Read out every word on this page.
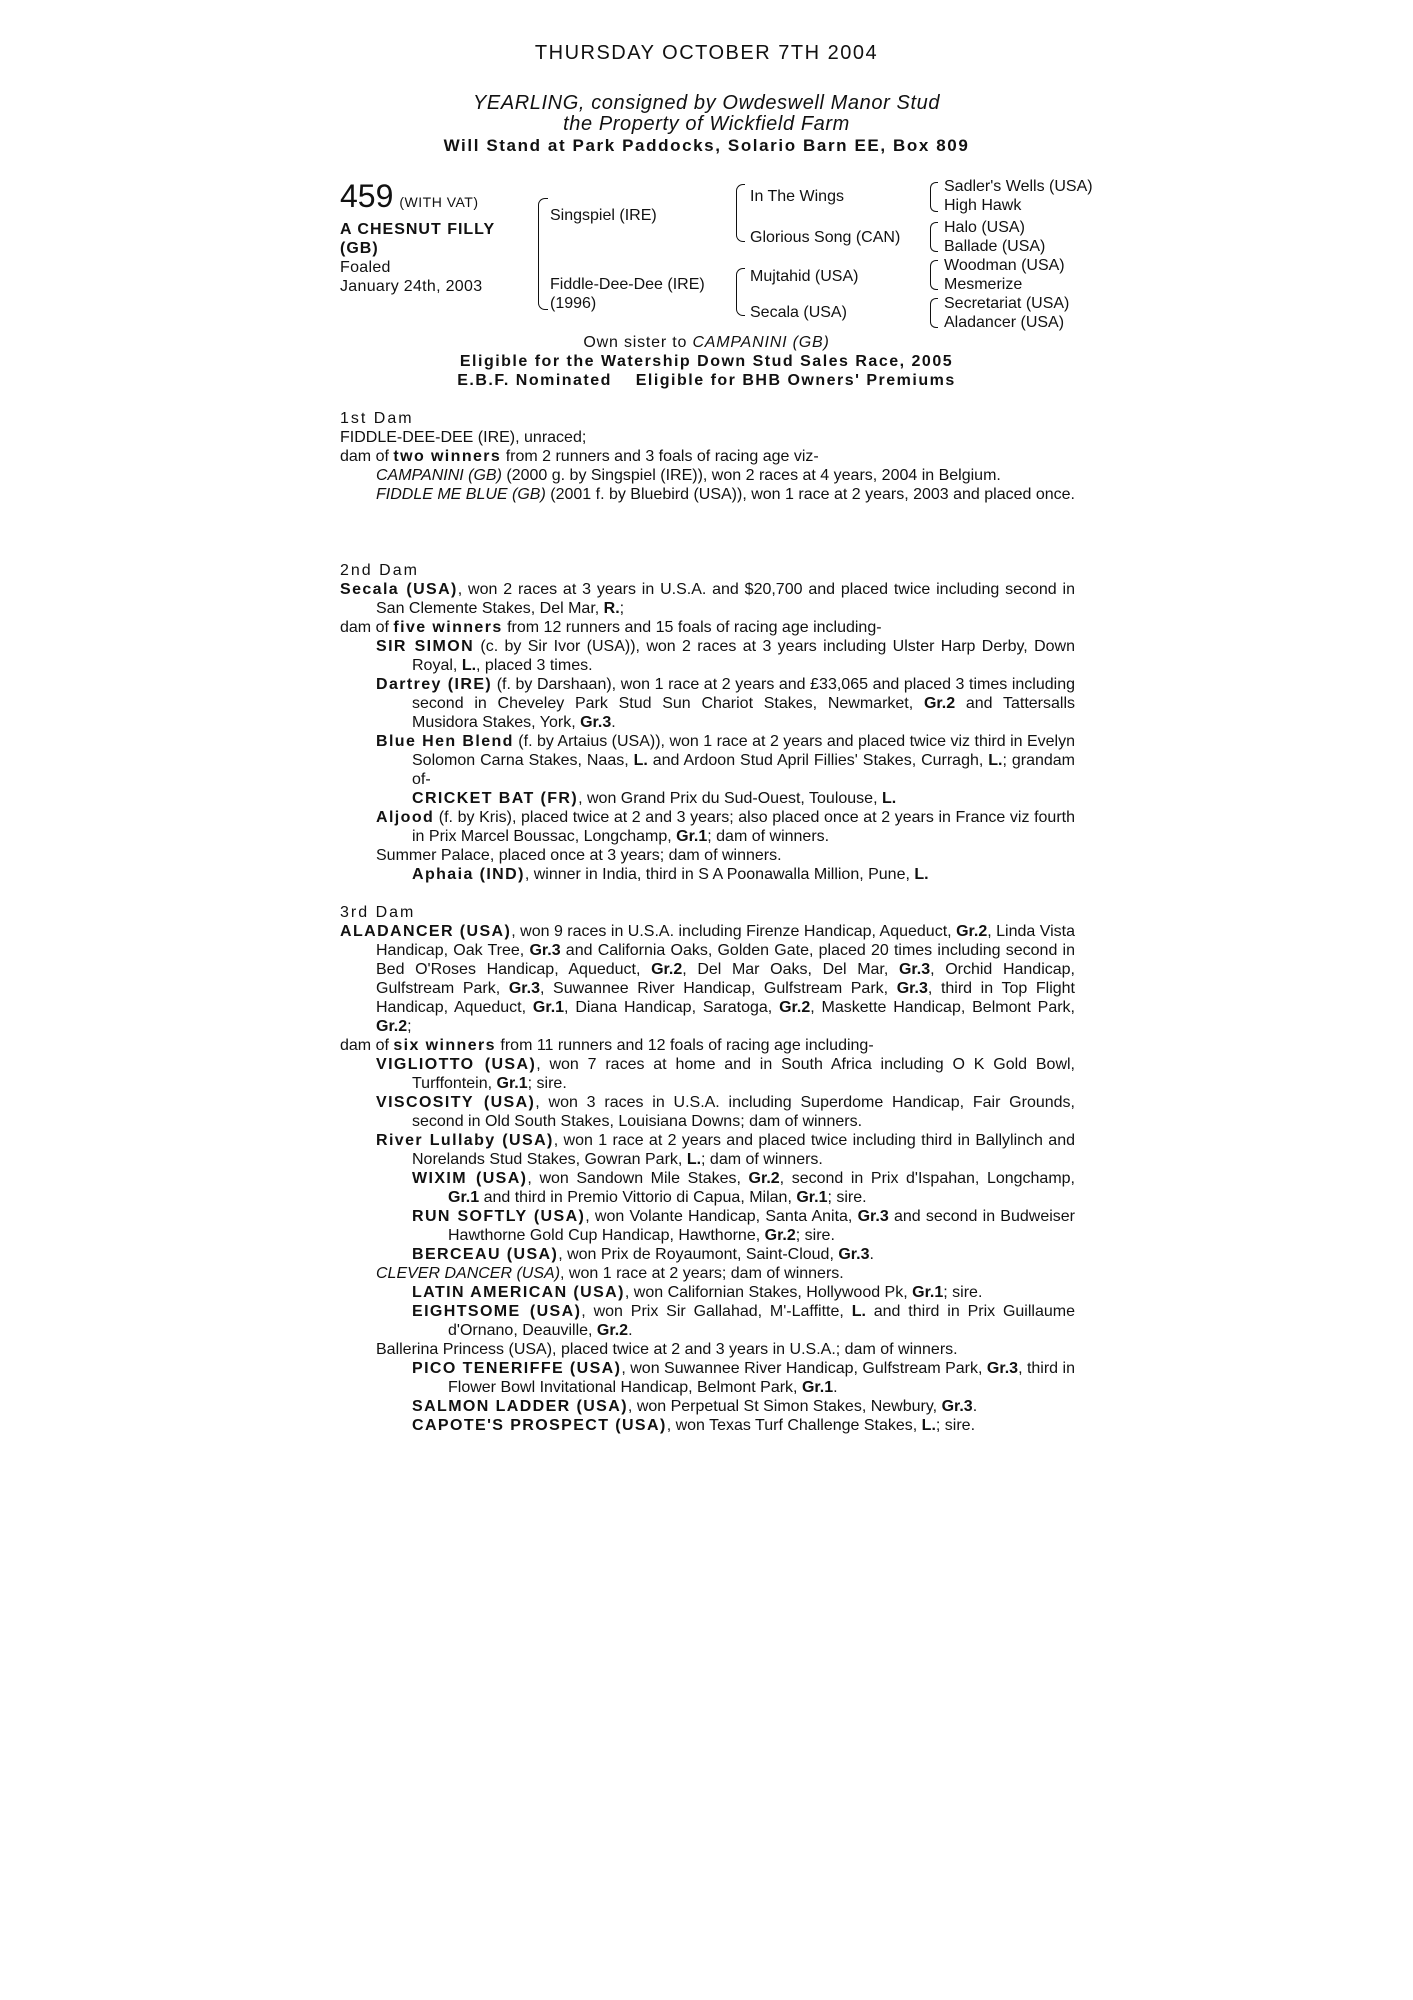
THURSDAY OCTOBER 7TH 2004
YEARLING, consigned by Owdeswell Manor Stud
the Property of Wickfield Farm
Will Stand at Park Paddocks, Solario Barn EE, Box 809
459 (WITH VAT)
A CHESNUT FILLY
(GB)
Foaled
January 24th, 2003
Singspiel (IRE)
Fiddle-Dee-Dee (IRE)
(1996)
In The Wings
Glorious Song (CAN)
Mujtahid (USA)
Secala (USA)
Sadler's Wells (USA)
High Hawk
Halo (USA)
Ballade (USA)
Woodman (USA)
Mesmerize
Secretariat (USA)
Aladancer (USA)
Own sister to CAMPANINI (GB)
Eligible for the Watership Down Stud Sales Race, 2005
E.B.F. Nominated Eligible for BHB Owners' Premiums

1st Dam

FIDDLE-DEE-DEE (IRE), unraced;

dam of two winners from 2 runners and 3 foals of racing age viz-

CAMPANINI (GB) (2000 g. by Singspiel (IRE)), won 2 races at 4 years, 2004 in Belgium.

FIDDLE ME BLUE (GB) (2001 f. by Bluebird (USA)), won 1 race at 2 years, 2003 and placed once.

2nd Dam

Secala (USA), won 2 races at 3 years in U.S.A. and $20,700 and placed twice including second in San Clemente Stakes, Del Mar, R.;

dam of five winners from 12 runners and 15 foals of racing age including-

SIR SIMON (c. by Sir Ivor (USA)), won 2 races at 3 years including Ulster Harp Derby, Down Royal, L., placed 3 times.

Dartrey (IRE) (f. by Darshaan), won 1 race at 2 years and £33,065 and placed 3 times including second in Cheveley Park Stud Sun Chariot Stakes, Newmarket, Gr.2 and Tattersalls Musidora Stakes, York, Gr.3.

Blue Hen Blend (f. by Artaius (USA)), won 1 race at 2 years and placed twice viz third in Evelyn Solomon Carna Stakes, Naas, L. and Ardoon Stud April Fillies' Stakes, Curragh, L.; grandam of-

CRICKET BAT (FR), won Grand Prix du Sud-Ouest, Toulouse, L.

Aljood (f. by Kris), placed twice at 2 and 3 years; also placed once at 2 years in France viz fourth in Prix Marcel Boussac, Longchamp, Gr.1; dam of winners.

Summer Palace, placed once at 3 years; dam of winners.

Aphaia (IND), winner in India, third in S A Poonawalla Million, Pune, L.

3rd Dam

ALADANCER (USA), won 9 races in U.S.A. including Firenze Handicap, Aqueduct, Gr.2, Linda Vista Handicap, Oak Tree, Gr.3 and California Oaks, Golden Gate, placed 20 times including second in Bed O'Roses Handicap, Aqueduct, Gr.2, Del Mar Oaks, Del Mar, Gr.3, Orchid Handicap, Gulfstream Park, Gr.3, Suwannee River Handicap, Gulfstream Park, Gr.3, third in Top Flight Handicap, Aqueduct, Gr.1, Diana Handicap, Saratoga, Gr.2, Maskette Handicap, Belmont Park, Gr.2;

dam of six winners from 11 runners and 12 foals of racing age including-

VIGLIOTTO (USA), won 7 races at home and in South Africa including O K Gold Bowl, Turffontein, Gr.1; sire.

VISCOSITY (USA), won 3 races in U.S.A. including Superdome Handicap, Fair Grounds, second in Old South Stakes, Louisiana Downs; dam of winners.

River Lullaby (USA), won 1 race at 2 years and placed twice including third in Ballylinch and Norelands Stud Stakes, Gowran Park, L.; dam of winners.

WIXIM (USA), won Sandown Mile Stakes, Gr.2, second in Prix d'Ispahan, Longchamp, Gr.1 and third in Premio Vittorio di Capua, Milan, Gr.1; sire.

RUN SOFTLY (USA), won Volante Handicap, Santa Anita, Gr.3 and second in Budweiser Hawthorne Gold Cup Handicap, Hawthorne, Gr.2; sire.

BERCEAU (USA), won Prix de Royaumont, Saint-Cloud, Gr.3.

CLEVER DANCER (USA), won 1 race at 2 years; dam of winners.

LATIN AMERICAN (USA), won Californian Stakes, Hollywood Pk, Gr.1; sire.

EIGHTSOME (USA), won Prix Sir Gallahad, M'-Laffitte, L. and third in Prix Guillaume d'Ornano, Deauville, Gr.2.

Ballerina Princess (USA), placed twice at 2 and 3 years in U.S.A.; dam of winners.

PICO TENERIFFE (USA), won Suwannee River Handicap, Gulfstream Park, Gr.3, third in Flower Bowl Invitational Handicap, Belmont Park, Gr.1.

SALMON LADDER (USA), won Perpetual St Simon Stakes, Newbury, Gr.3.

CAPOTE'S PROSPECT (USA), won Texas Turf Challenge Stakes, L.; sire.
